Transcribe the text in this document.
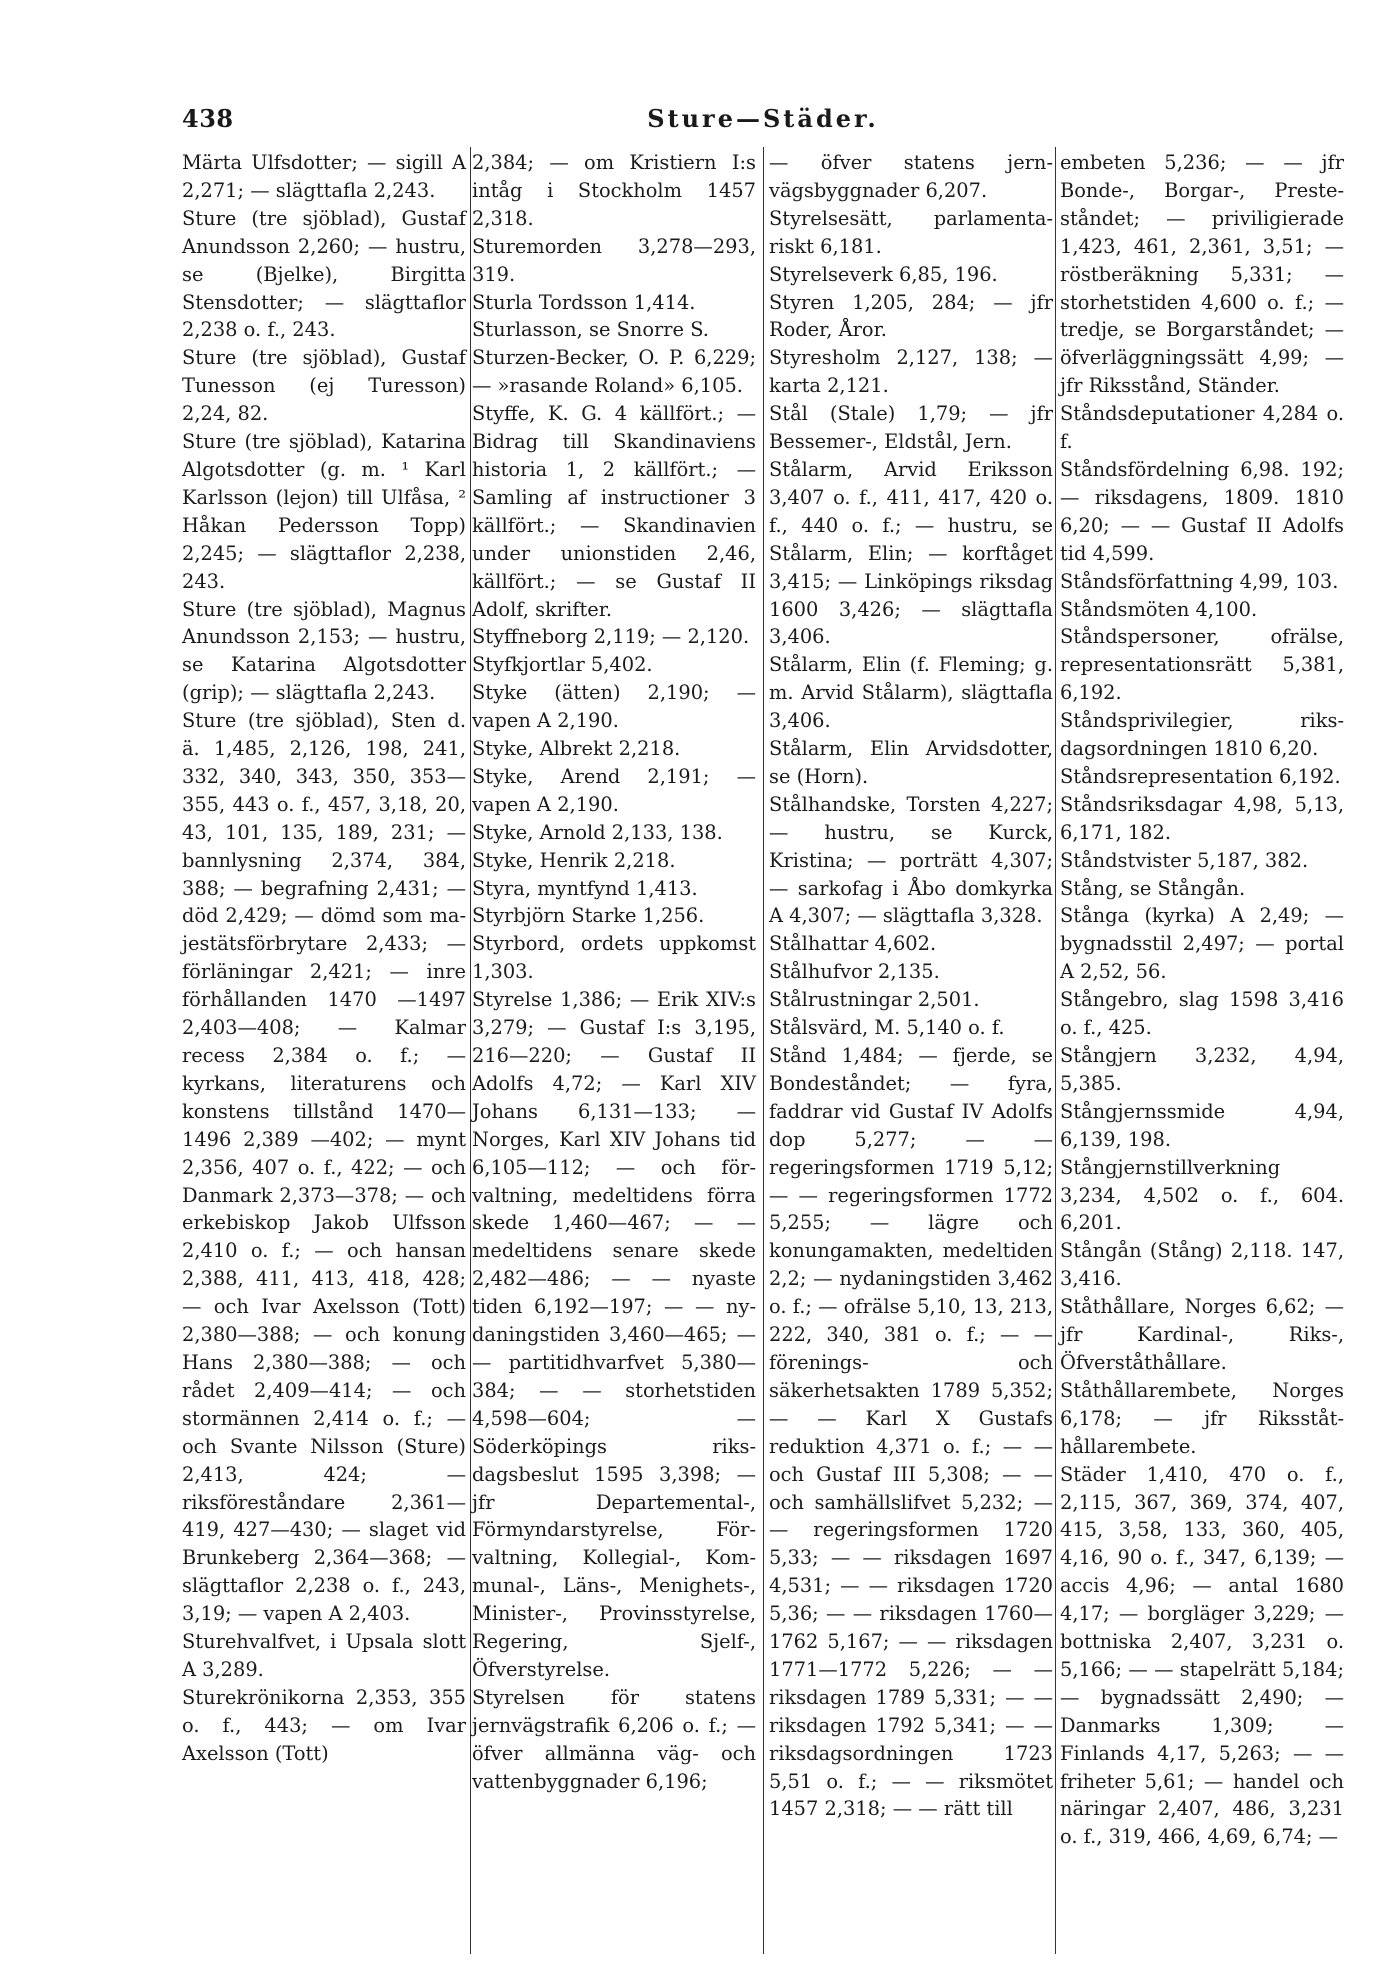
438	Sture—Städer.

Märta Ulfsdotter; — sigill A 2,271; — slägttafla 2,243.

Sture (tre sjöblad), Gustaf Anundsson 2,260; — hustru, se (Bjelke), Birgitta Stensdotter; — slägttaflor 2,238 o. f., 243.

Sture (tre sjöblad), Gustaf Tunesson (ej Turesson) 2,24, 82.

Sture (tre sjöblad), Katarina Algotsdotter (g. m. ¹ Karl Karlsson (lejon) till Ulfåsa, ² Håkan Pedersson Topp) 2,245; — slägttaflor 2,238, 243.

Sture (tre sjöblad), Magnus Anundsson 2,153; — hustru, se Katarina Algotsdotter (grip); — slägttafla 2,243.

Sture (tre sjöblad), Sten d. ä. 1,485, 2,126, 198, 241, 332, 340, 343, 350, 353—355, 443 o. f., 457, 3,18, 20, 43, 101, 135, 189, 231; — bannlysning 2,374, 384, 388; — begrafning 2,431; — död 2,429; — dömd som majestätsförbrytare 2,433; — förläningar 2,421; — inre förhållanden 1470 —1497 2,403—408; — Kalmar recess 2,384 o. f.; — kyrkans, literaturens och konstens tillstånd 1470—1496 2,389 —402; — mynt 2,356, 407 o. f., 422; — och Danmark 2,373—378; — och erkebiskop Jakob Ulfsson 2,410 o. f.; — och hansan 2,388, 411, 413, 418, 428; — och Ivar Axelsson (Tott) 2,380—388; — och konung Hans 2,380—388; — och rådet 2,409—414; — och stormännen 2,414 o. f.; — och Svante Nilsson (Sture) 2,413, 424; — riksföreståndare 2,361—419, 427—430; — slaget vid Brunkeberg 2,364—368; — slägttaflor 2,238 o. f., 243, 3,19; — vapen A 2,403.

Sturehvalfvet, i Upsala slott A 3,289.

Sturekrönikorna 2,353, 355 o. f., 443; — om Ivar Axelsson (Tott)

2,384; — om Kristiern I:s intåg i Stockholm 1457 2,318.

Sturemorden 3,278—293, 319.

Sturla Tordsson 1,414.

Sturlasson, se Snorre S.

Sturzen-Becker, O. P. 6,229; — »rasande Roland» 6,105.

Styffe, K. G. 4 källfört.; — Bidrag till Skandinaviens historia 1, 2 källfört.; — Samling af instructioner 3 källfört.; — Skandinavien under unionstiden 2,46, källfört.; — se Gustaf II Adolf, skrifter.

Styffneborg 2,119; — 2,120.

Styfkjortlar 5,402.

Styke (ätten) 2,190; — vapen A 2,190.

Styke, Albrekt 2,218.

Styke, Arend 2,191; — vapen A 2,190.

Styke, Arnold 2,133, 138.

Styke, Henrik 2,218.

Styra, myntfynd 1,413.

Styrbjörn Starke 1,256.

Styrbord, ordets uppkomst 1,303.

Styrelse 1,386; — Erik XIV:s 3,279; — Gustaf I:s 3,195, 216—220; — Gustaf II Adolfs 4,72; — Karl XIV Johans 6,131—133; — Norges, Karl XIV Johans tid 6,105—112; — och förvaltning, medeltidens förra skede 1,460—467; — — medeltidens senare skede 2,482—486; — — nyaste tiden 6,192—197; — — nydaningstiden 3,460—465; — — partitidhvarfvet 5,380—384; — — storhetstiden 4,598—604; — Söderköpings riksdagsbeslut 1595 3,398; — jfr Departemental-, Förmyndarstyrelse, Förvaltning, Kollegial-, Kommunal-, Läns-, Menighets-, Minister-, Provinsstyrelse, Regering, Sjelf-, Öfverstyrelse.

Styrelsen för statens jernvägstrafik 6,206 o. f.; — öfver allmänna väg- och vattenbyggnader 6,196;

— öfver statens jernvägsbyggnader 6,207.

Styrelsesätt, parlamentariskt 6,181.

Styrelseverk 6,85, 196.

Styren 1,205, 284; — jfr Roder, Åror.

Styresholm 2,127, 138; — karta 2,121.

Stål (Stale) 1,79; — jfr Bessemer-, Eldstål, Jern.

Stålarm, Arvid Eriksson 3,407 o. f., 411, 417, 420 o. f., 440 o. f.; — hustru, se Stålarm, Elin; — korftåget 3,415; — Linköpings riksdag 1600 3,426; — slägttafla 3,406.

Stålarm, Elin (f. Fleming; g. m. Arvid Stålarm), slägttafla 3,406.

Stålarm, Elin Arvidsdotter, se (Horn).

Stålhandske, Torsten 4,227; — hustru, se Kurck, Kristina; — porträtt 4,307; — sarkofag i Åbo domkyrka A 4,307; — slägttafla 3,328.

Stålhattar 4,602.

Stålhufvor 2,135.

Stålrustningar 2,501.

Stålsvärd, M. 5,140 o. f.

Stånd 1,484; — fjerde, se Bondeståndet; — fyra, faddrar vid Gustaf IV Adolfs dop 5,277; — — regeringsformen 1719 5,12; — — regeringsformen 1772 5,255; — lägre och konungamakten, medeltiden 2,2; — nydaningstiden 3,462 o. f.; — ofrälse 5,10, 13, 213, 222, 340, 381 o. f.; — — förenings- och säkerhetsakten 1789 5,352; — — Karl X Gustafs reduktion 4,371 o. f.; — — och Gustaf III 5,308; — — och samhällslifvet 5,232; — — regeringsformen 1720 5,33; — — riksdagen 1697 4,531; — — riksdagen 1720 5,36; — — riksdagen 1760—1762 5,167; — — riksdagen 1771—1772 5,226; — — riksdagen 1789 5,331; — — riksdagen 1792 5,341; — — riksdagsordningen 1723 5,51 o. f.; — — riksmötet 1457 2,318; — — rätt till

embeten 5,236; — — jfr Bonde-, Borgar-, Presteståndet; — priviligierade 1,423, 461, 2,361, 3,51; — röstberäkning 5,331; — storhetstiden 4,600 o. f.; — tredje, se Borgarståndet; — öfverläggningssätt 4,99; — jfr Riksstånd, Ständer.

Ståndsdeputationer 4,284 o. f.

Ståndsfördelning 6,98. 192; — riksdagens, 1809. 1810 6,20; — — Gustaf II Adolfs tid 4,599.

Ståndsförfattning 4,99, 103.

Ståndsmöten 4,100.

Ståndspersoner, ofrälse, representationsrätt 5,381, 6,192.

Ståndsprivilegier, riksdagsordningen 1810 6,20.

Ståndsrepresentation 6,192.

Ståndsriksdagar 4,98, 5,13, 6,171, 182.

Ståndstvister 5,187, 382.

Stång, se Stångån.

Stånga (kyrka) A 2,49; — bygnadsstil 2,497; — portal A 2,52, 56.

Stångebro, slag 1598 3,416 o. f., 425.

Stångjern 3,232, 4,94, 5,385.

Stångjernssmide 4,94, 6,139, 198.

Stångjernstillverkning 3,234, 4,502 o. f., 604. 6,201.

Stångån (Stång) 2,118. 147, 3,416.

Ståthållare, Norges 6,62; — jfr Kardinal-, Riks-, Öfverståthållare.

Ståthållarembete, Norges 6,178; — jfr Riksståthållarembete.

Städer 1,410, 470 o. f., 2,115, 367, 369, 374, 407, 415, 3,58, 133, 360, 405, 4,16, 90 o. f., 347, 6,139; — accis 4,96; — antal 1680 4,17; — borgläger 3,229; — bottniska 2,407, 3,231 o. 5,166; — — stapelrätt 5,184; — bygnadssätt 2,490; — Danmarks 1,309; — Finlands 4,17, 5,263; — — friheter 5,61; — handel och näringar 2,407, 486, 3,231 o. f., 319, 466, 4,69, 6,74; —
